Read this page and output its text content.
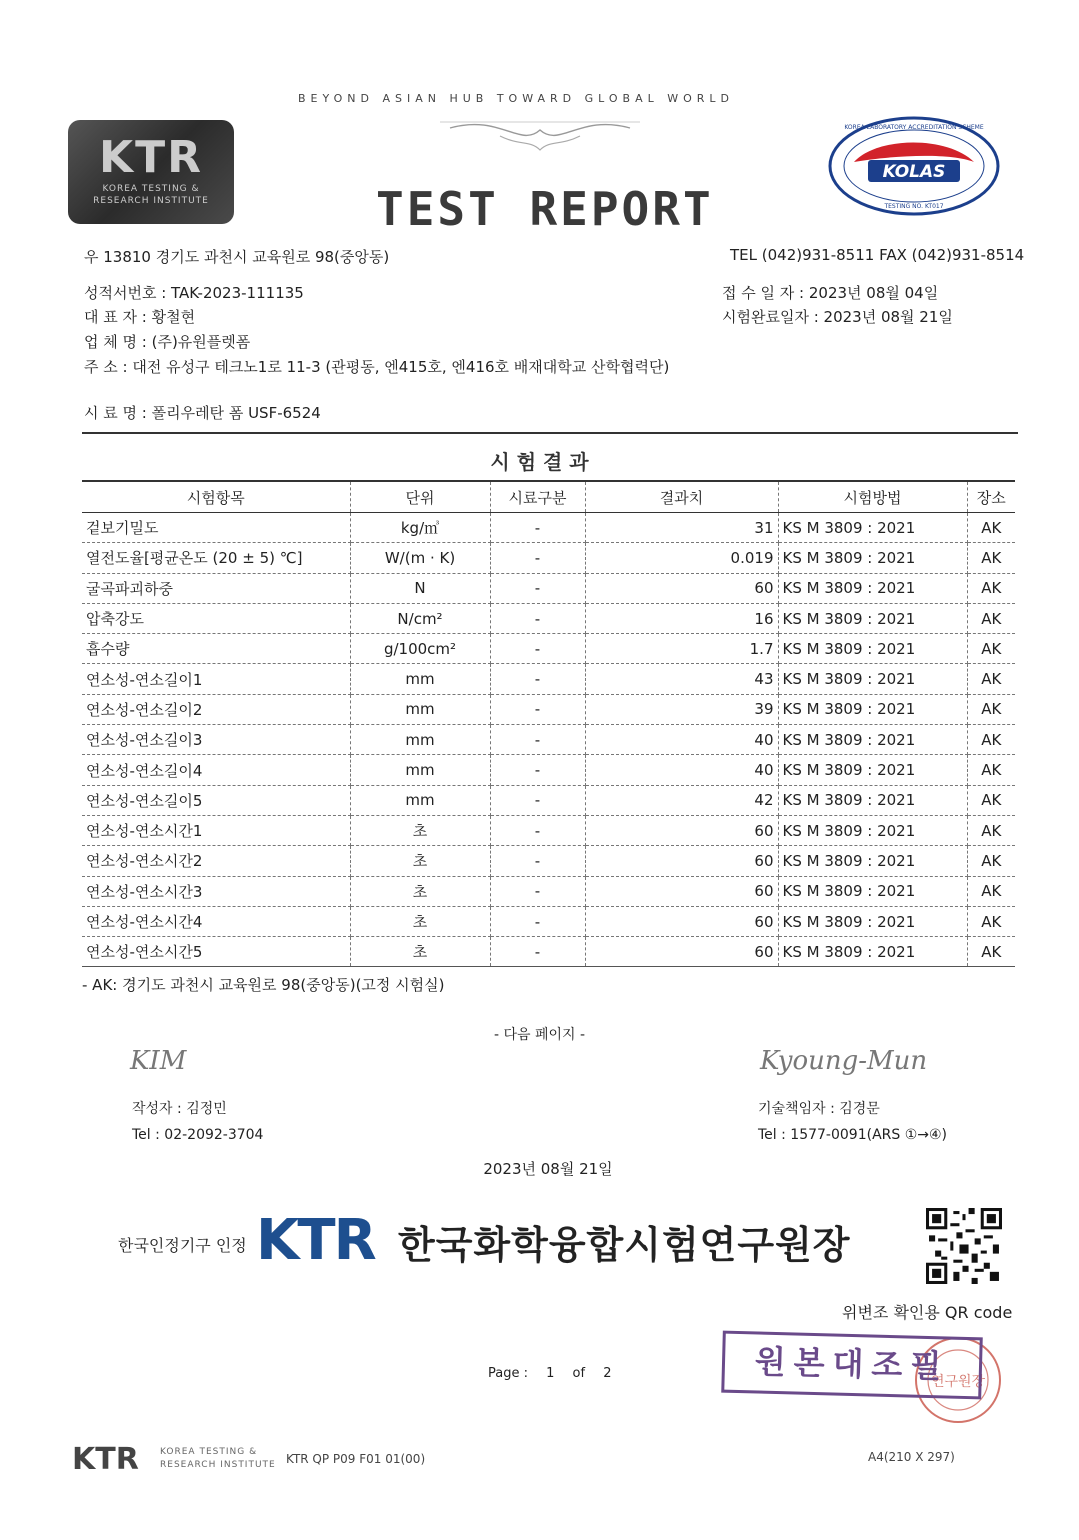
BEYOND ASIAN HUB TOWARD GLOBAL WORLD
TEST REPORT
KTR
KOREA TESTING &
RESEARCH INSTITUTE
KOLAS
KOREA LABORATORY ACCREDITATION SCHEME
TESTING NO. KT017
우 13810 경기도 과천시 교육원로 98(중앙동)	TEL (042)931-8511 FAX (042)931-8514
성적서번호 : TAK-2023-111135
대 표 자 : 황철현
업 체 명 : (주)유원플렛폼
주 소 : 대전 유성구 테크노1로 11-3 (관평동, 엔415호, 엔416호 배재대학교 산학협력단)
시 료 명 : 폴리우레탄 폼 USF-6524
접 수 일 자 : 2023년 08월 04일
시험완료일자 : 2023년 08월 21일
시 험 결 과
시험항목	단위	시료구분	결과치	시험방법	장소
겉보기밀도	kg/㎥	-	31	KS M 3809 : 2021	AK
열전도율[평균온도 (20 ± 5) ℃]	W/(m · K)	-	0.019	KS M 3809 : 2021	AK
굴곡파괴하중	N	-	60	KS M 3809 : 2021	AK
압축강도	N/cm²	-	16	KS M 3809 : 2021	AK
흡수량	g/100cm²	-	1.7	KS M 3809 : 2021	AK
연소성-연소길이1	mm	-	43	KS M 3809 : 2021	AK
연소성-연소길이2	mm	-	39	KS M 3809 : 2021	AK
연소성-연소길이3	mm	-	40	KS M 3809 : 2021	AK
연소성-연소길이4	mm	-	40	KS M 3809 : 2021	AK
연소성-연소길이5	mm	-	42	KS M 3809 : 2021	AK
연소성-연소시간1	초	-	60	KS M 3809 : 2021	AK
연소성-연소시간2	초	-	60	KS M 3809 : 2021	AK
연소성-연소시간3	초	-	60	KS M 3809 : 2021	AK
연소성-연소시간4	초	-	60	KS M 3809 : 2021	AK
연소성-연소시간5	초	-	60	KS M 3809 : 2021	AK
- AK: 경기도 과천시 교육원로 98(중앙동)(고정 시험실)
- 다음 페이지 -
KIM
작성자 : 김정민
Tel : 02-2092-3704
Kyoung-Mun
기술책임자 : 김경문
Tel : 1577-0091(ARS ①→④)
2023년 08월 21일
한국인정기구 인정 KTR 한국화학융합시험연구원장
위변조 확인용 QR code
연구원장
원본대조필
Page : 1 of 2
KTR KOREA TESTING &
RESEARCH INSTITUTE KTR QP P09 F01 01(00)	A4(210 X 297)
